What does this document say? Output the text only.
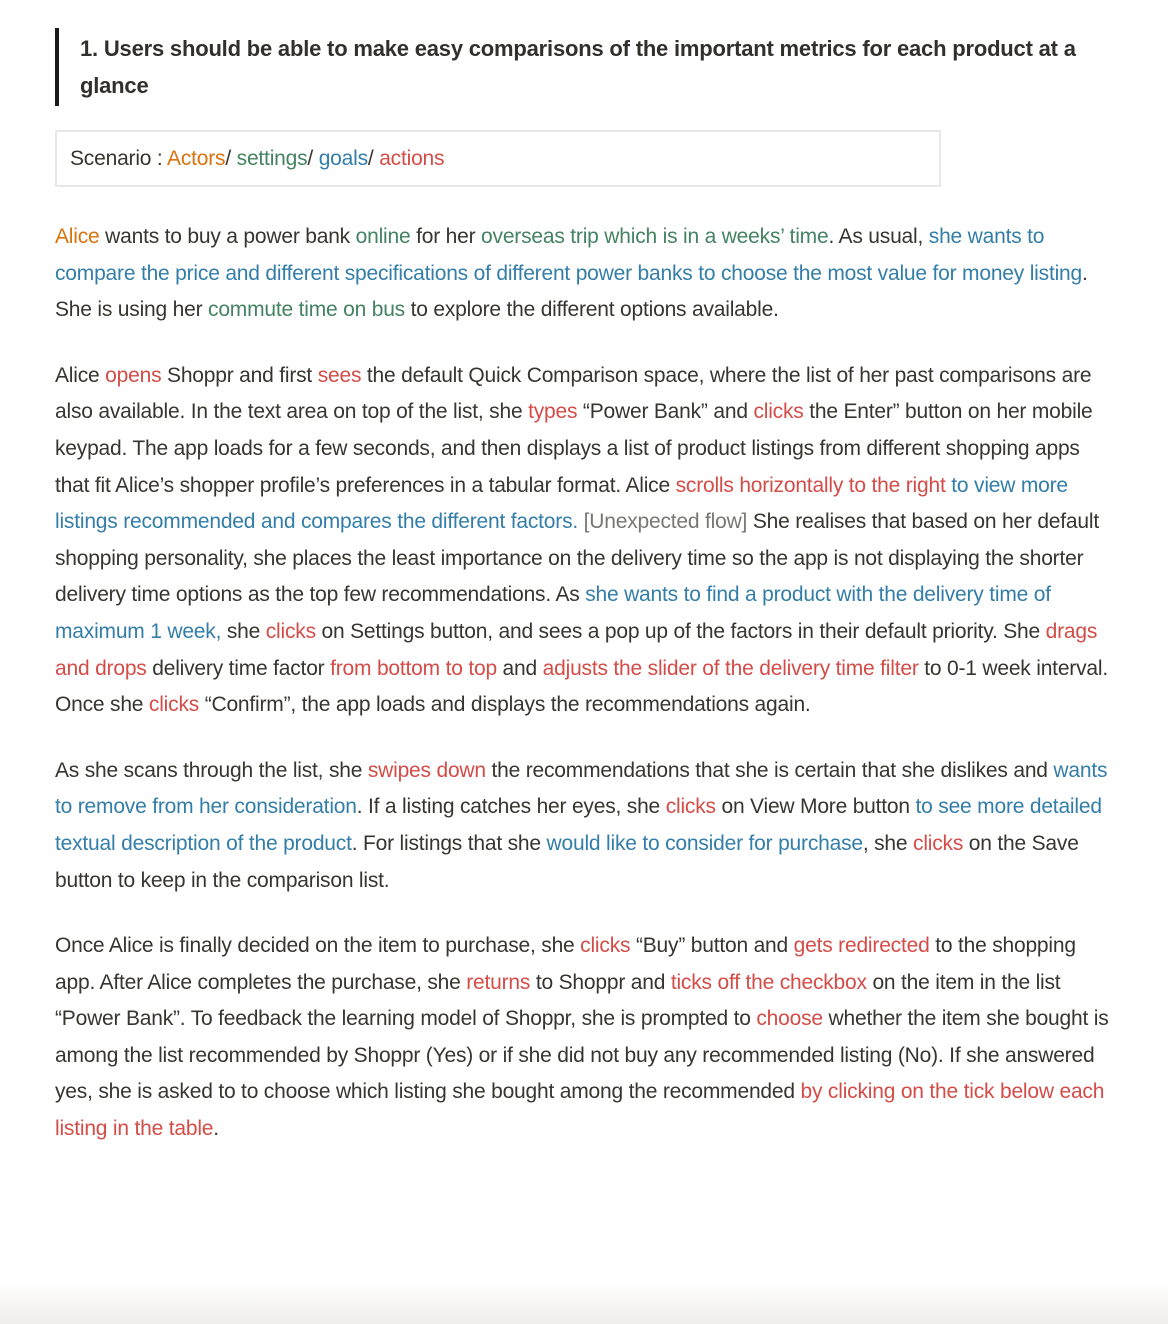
1. Users should be able to make easy comparisons of the important metrics for each product at a glance

Scenario : Actors/ settings/ goals/ actions

Alice wants to buy a power bank online for her overseas trip which is in a weeks’ time. As usual, she wants to compare the price and different specifications of different power banks to choose the most value for money listing. She is using her commute time on bus to explore the different options available.

Alice opens Shoppr and first sees the default Quick Comparison space, where the list of her past comparisons are also available. In the text area on top of the list, she types “Power Bank” and clicks the Enter” button on her mobile keypad. The app loads for a few seconds, and then displays a list of product listings from different shopping apps that fit Alice’s shopper profile’s preferences in a tabular format. Alice scrolls horizontally to the right to view more listings recommended and compares the different factors. [Unexpected flow] She realises that based on her default shopping personality, she places the least importance on the delivery time so the app is not displaying the shorter delivery time options as the top few recommendations. As she wants to find a product with the delivery time of maximum 1 week, she clicks on Settings button, and sees a pop up of the factors in their default priority. She drags and drops delivery time factor from bottom to top and adjusts the slider of the delivery time filter to 0-1 week interval. Once she clicks “Confirm”, the app loads and displays the recommendations again.

As she scans through the list, she swipes down the recommendations that she is certain that she dislikes and wants to remove from her consideration. If a listing catches her eyes, she clicks on View More button to see more detailed textual description of the product. For listings that she would like to consider for purchase, she clicks on the Save button to keep in the comparison list.

Once Alice is finally decided on the item to purchase, she clicks “Buy” button and gets redirected to the shopping app. After Alice completes the purchase, she returns to Shoppr and ticks off the checkbox on the item in the list “Power Bank”. To feedback the learning model of Shoppr, she is prompted to choose whether the item she bought is among the list recommended by Shoppr (Yes) or if she did not buy any recommended listing (No). If she answered yes, she is asked to to choose which listing she bought among the recommended by clicking on the tick below each listing in the table.
